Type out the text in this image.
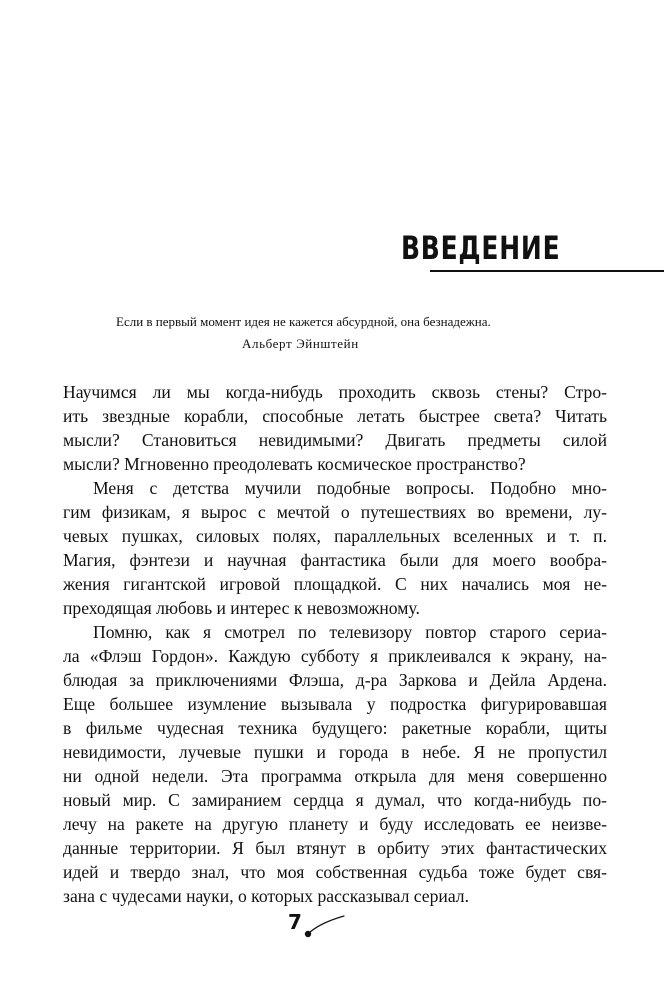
ВВЕДЕНИЕ
Если в первый момент идея не кажется абсурдной, она безнадежна.
Альберт Эйнштейн
Научимся ли мы когда-нибудь проходить сквозь стены? Стро-
ить звездные корабли, способные летать быстрее света? Читать
мысли? Становиться невидимыми? Двигать предметы силой
мысли? Мгновенно преодолевать космическое пространство?
Меня с детства мучили подобные вопросы. Подобно мно-
гим физикам, я вырос с мечтой о путешествиях во времени, лу-
чевых пушках, силовых полях, параллельных вселенных и т. п.
Магия, фэнтези и научная фантастика были для моего вообра-
жения гигантской игровой площадкой. С них начались моя не-
преходящая любовь и интерес к невозможному.
Помню, как я смотрел по телевизору повтор старого сериа-
ла «Флэш Гордон». Каждую субботу я приклеивался к экрану, на-
блюдая за приключениями Флэша, д-ра Заркова и Дейла Ардена.
Еще большее изумление вызывала у подростка фигурировавшая
в фильме чудесная техника будущего: ракетные корабли, щиты
невидимости, лучевые пушки и города в небе. Я не пропустил
ни одной недели. Эта программа открыла для меня совершенно
новый мир. С замиранием сердца я думал, что когда-нибудь по-
лечу на ракете на другую планету и буду исследовать ее неизве-
данные территории. Я был втянут в орбиту этих фантастических
идей и твердо знал, что моя собственная судьба тоже будет свя-
зана с чудесами науки, о которых рассказывал сериал.
7
